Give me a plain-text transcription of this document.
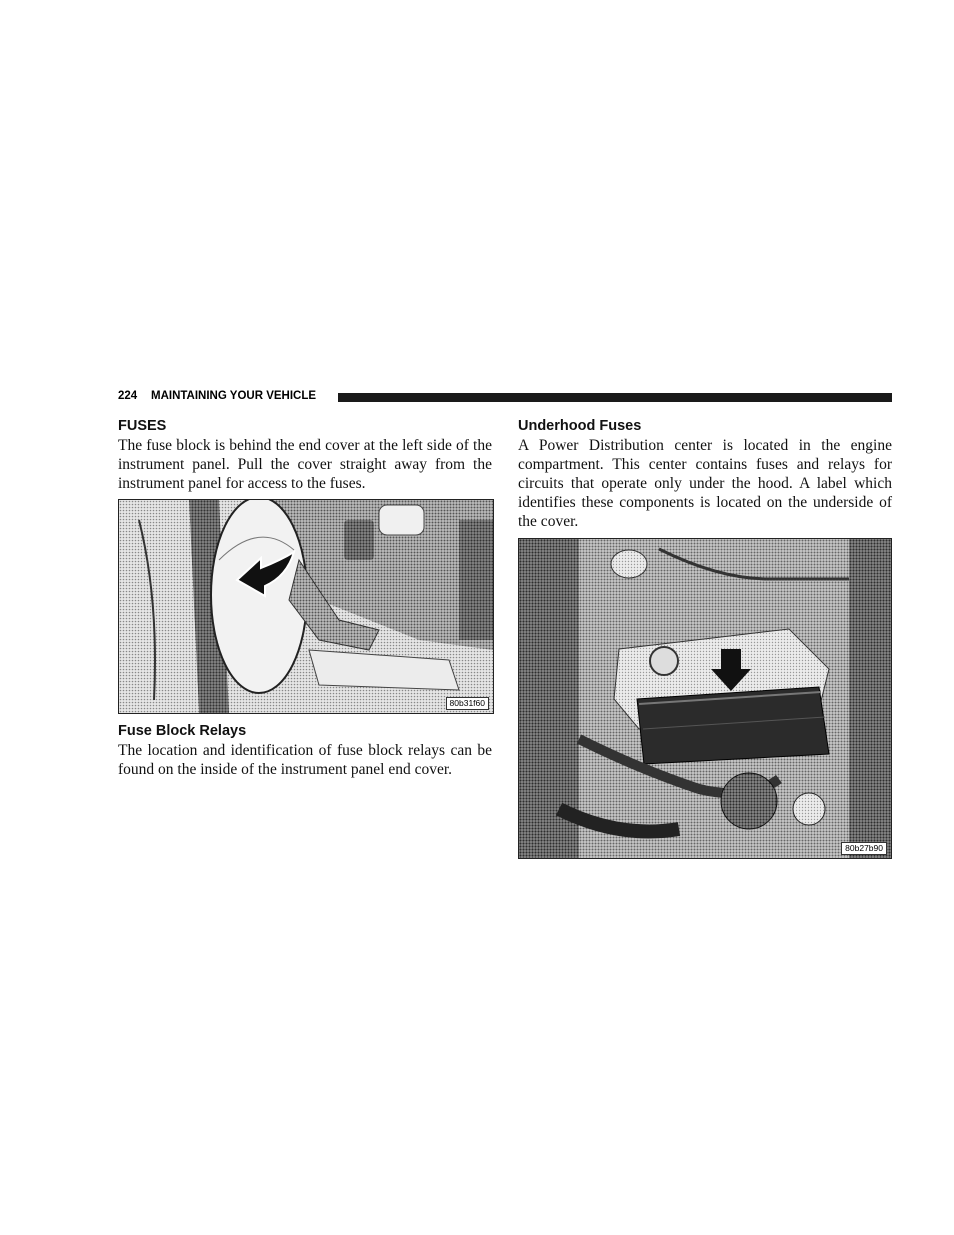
224 MAINTAINING YOUR VEHICLE
FUSES

The fuse block is behind the end cover at the left side of the instrument panel. Pull the cover straight away from the instrument panel for access to the fuses.

80b31f60
Fuse Block Relays

The location and identification of fuse block relays can be found on the inside of the instrument panel end cover.

Underhood Fuses

A Power Distribution center is located in the engine compartment. This center contains fuses and relays for circuits that operate only under the hood. A label which identifies these components is located on the underside of the cover.

80b27b90
